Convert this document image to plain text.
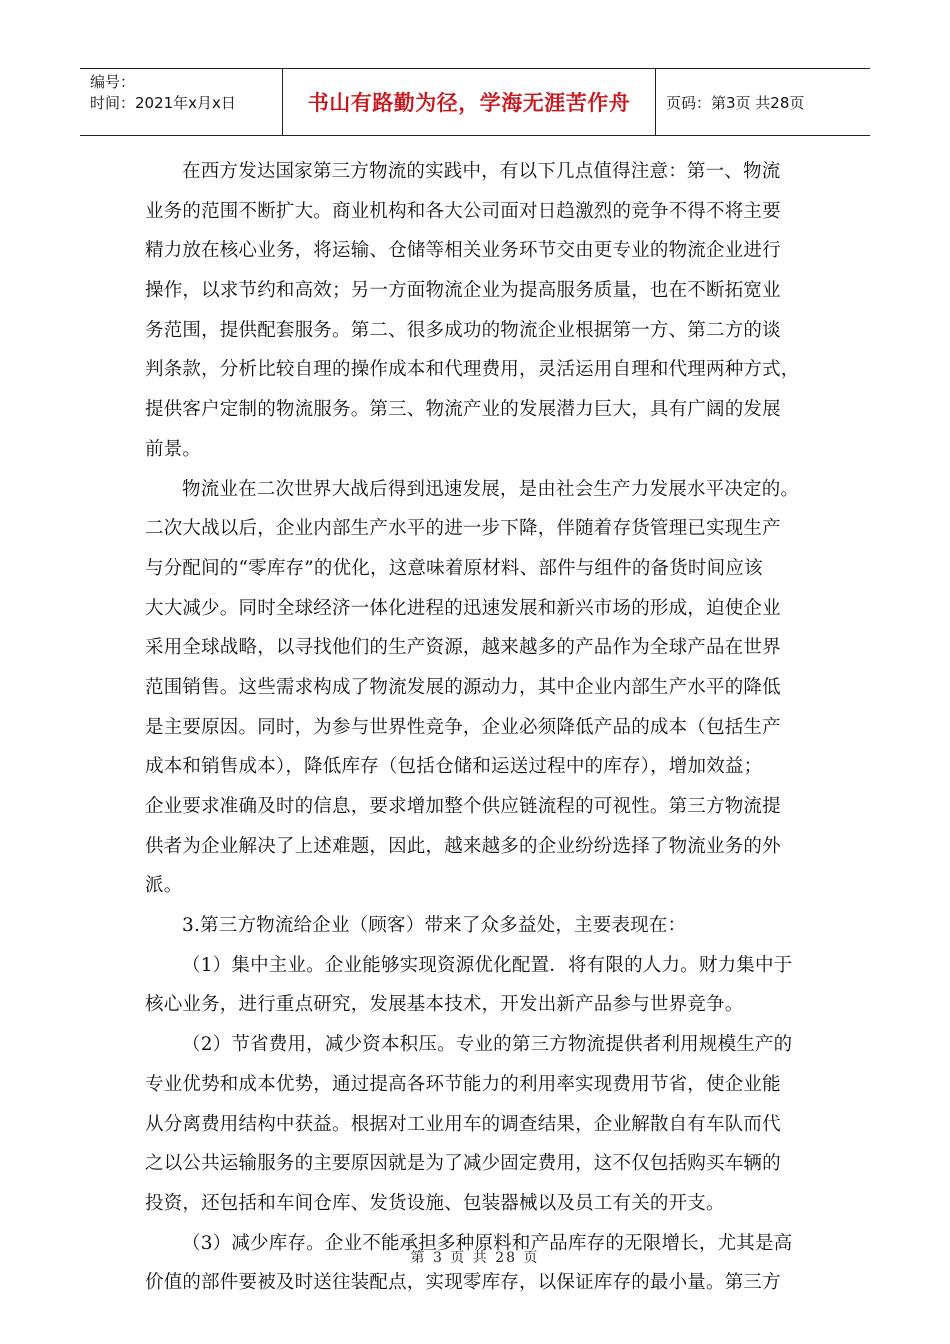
编号：
时间：2021年x月x日	书山有路勤为径，学海无涯苦作舟	页码：第3页 共28页
在西方发达国家第三方物流的实践中，有以下几点值得注意：第一、物流
业务的范围不断扩大。商业机构和各大公司面对日趋激烈的竞争不得不将主要
精力放在核心业务，将运输、仓储等相关业务环节交由更专业的物流企业进行
操作，以求节约和高效；另一方面物流企业为提高服务质量，也在不断拓宽业
务范围，提供配套服务。第二、很多成功的物流企业根据第一方、第二方的谈
判条款，分析比较自理的操作成本和代理费用，灵活运用自理和代理两种方式，
提供客户定制的物流服务。第三、物流产业的发展潜力巨大，具有广阔的发展
前景。
物流业在二次世界大战后得到迅速发展，是由社会生产力发展水平决定的。
二次大战以后，企业内部生产水平的进一步下降，伴随着存货管理已实现生产
与分配间的“零库存”的优化，这意味着原材料、部件与组件的备货时间应该
大大减少。同时全球经济一体化进程的迅速发展和新兴市场的形成，迫使企业
采用全球战略，以寻找他们的生产资源，越来越多的产品作为全球产品在世界
范围销售。这些需求构成了物流发展的源动力，其中企业内部生产水平的降低
是主要原因。同时，为参与世界性竞争，企业必须降低产品的成本（包括生产
成本和销售成本），降低库存（包括仓储和运送过程中的库存），增加效益；
企业要求准确及时的信息，要求增加整个供应链流程的可视性。第三方物流提
供者为企业解决了上述难题，因此，越来越多的企业纷纷选择了物流业务的外
派。
3.第三方物流给企业（顾客）带来了众多益处，主要表现在：
（1）集中主业。企业能够实现资源优化配置．将有限的人力。财力集中于
核心业务，进行重点研究，发展基本技术，开发出新产品参与世界竞争。
（2）节省费用，减少资本积压。专业的第三方物流提供者利用规模生产的
专业优势和成本优势，通过提高各环节能力的利用率实现费用节省，使企业能
从分离费用结构中获益。根据对工业用车的调查结果，企业解散自有车队而代
之以公共运输服务的主要原因就是为了减少固定费用，这不仅包括购买车辆的
投资，还包括和车间仓库、发货设施、包装器械以及员工有关的开支。
（3）减少库存。企业不能承担多种原料和产品库存的无限增长，尤其是高
价值的部件要被及时送往装配点，实现零库存，以保证库存的最小量。第三方
第 3 页 共 28 页
